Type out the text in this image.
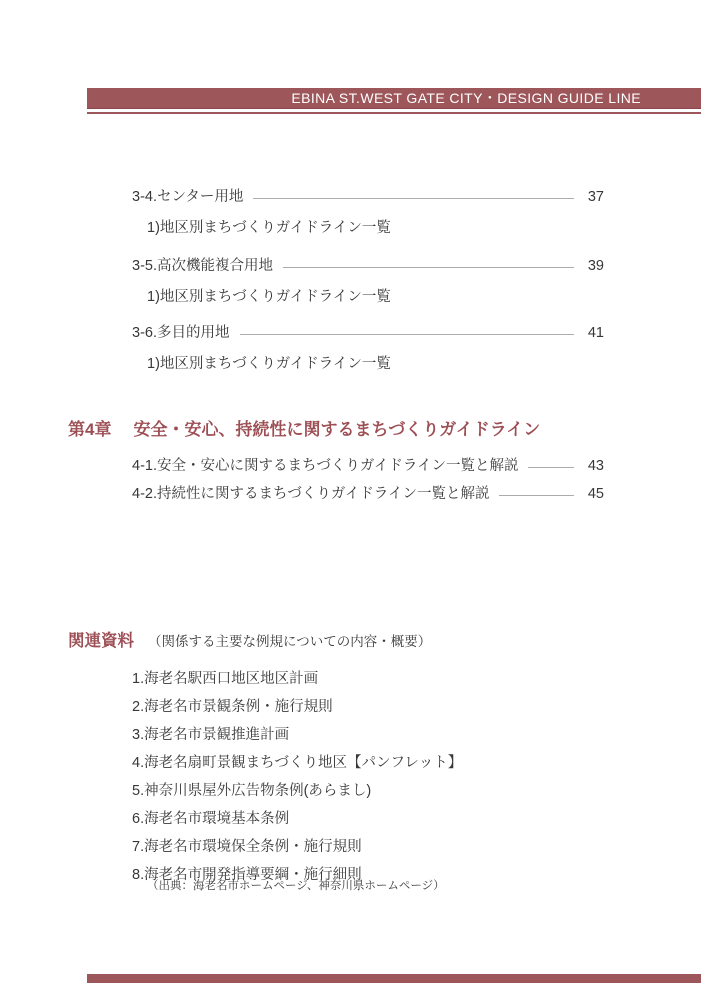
EBINA ST.WEST GATE CITY・DESIGN GUIDE LINE
3-4.センター用地	37
1)地区別まちづくりガイドライン一覧
3-5.高次機能複合用地	39
1)地区別まちづくりガイドライン一覧
3-6.多目的用地	41
1)地区別まちづくりガイドライン一覧
第4章 安全・安心、持続性に関するまちづくりガイドライン
4-1.安全・安心に関するまちづくりガイドライン一覧と解説	43
4-2.持続性に関するまちづくりガイドライン一覧と解説	45
関連資料 （関係する主要な例規についての内容・概要）
1.海老名駅西口地区地区計画
2.海老名市景観条例・施行規則
3.海老名市景観推進計画
4.海老名扇町景観まちづくり地区【パンフレット】
5.神奈川県屋外広告物条例(あらまし)
6.海老名市環境基本条例
7.海老名市環境保全条例・施行規則
8.海老名市開発指導要綱・施行細則
（出典：海老名市ホームページ、神奈川県ホームページ）
